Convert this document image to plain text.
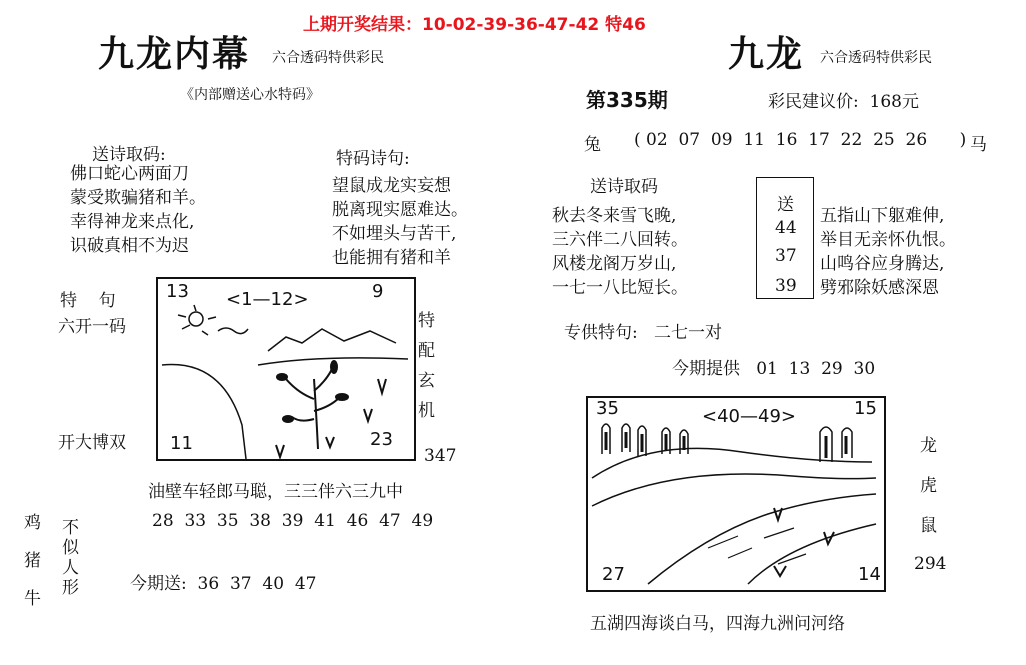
上期开奖结果：10-02-39-36-47-42 特46
九龙内幕 六合透码特供彩民
《内部赠送心水特码》
送诗取码:
佛口蛇心两面刀
蒙受欺骗猪和羊。
幸得神龙来点化,
识破真相不为迟
特码诗句:
望鼠成龙实妄想
脱离现实愿难达。
不如埋头与苦干,
也能拥有猪和羊
特    句
六开一码
开大博双
13 <1—12>	9
11	23
特
配
玄
机
347
油壁车轻郎马聪，三三伴六三九中
28  33  35  38  39  41  46  47  49
鸡
猪
牛
不
似
人
形	今期送:  36  37  40  47
九龙 六合透码特供彩民
第335期	彩民建议价:  168元
兔 ( 02  07  09  11  16  17  22  25  26      ) 马
送诗取码
秋去冬来雪飞晚,
三六伴二八回转。
风楼龙阁万岁山,
一七一八比短长。
送
44
37
39
五指山下躯难伸,
举目无亲怀仇恨。
山鸣谷应身腾达,
劈邪除妖感深恩
专供特句:   二七一对
今期提供   01  13  29  30
35	<40—49>	15
27	14
龙
虎
鼠
294
五湖四海谈白马，四海九洲问河络
